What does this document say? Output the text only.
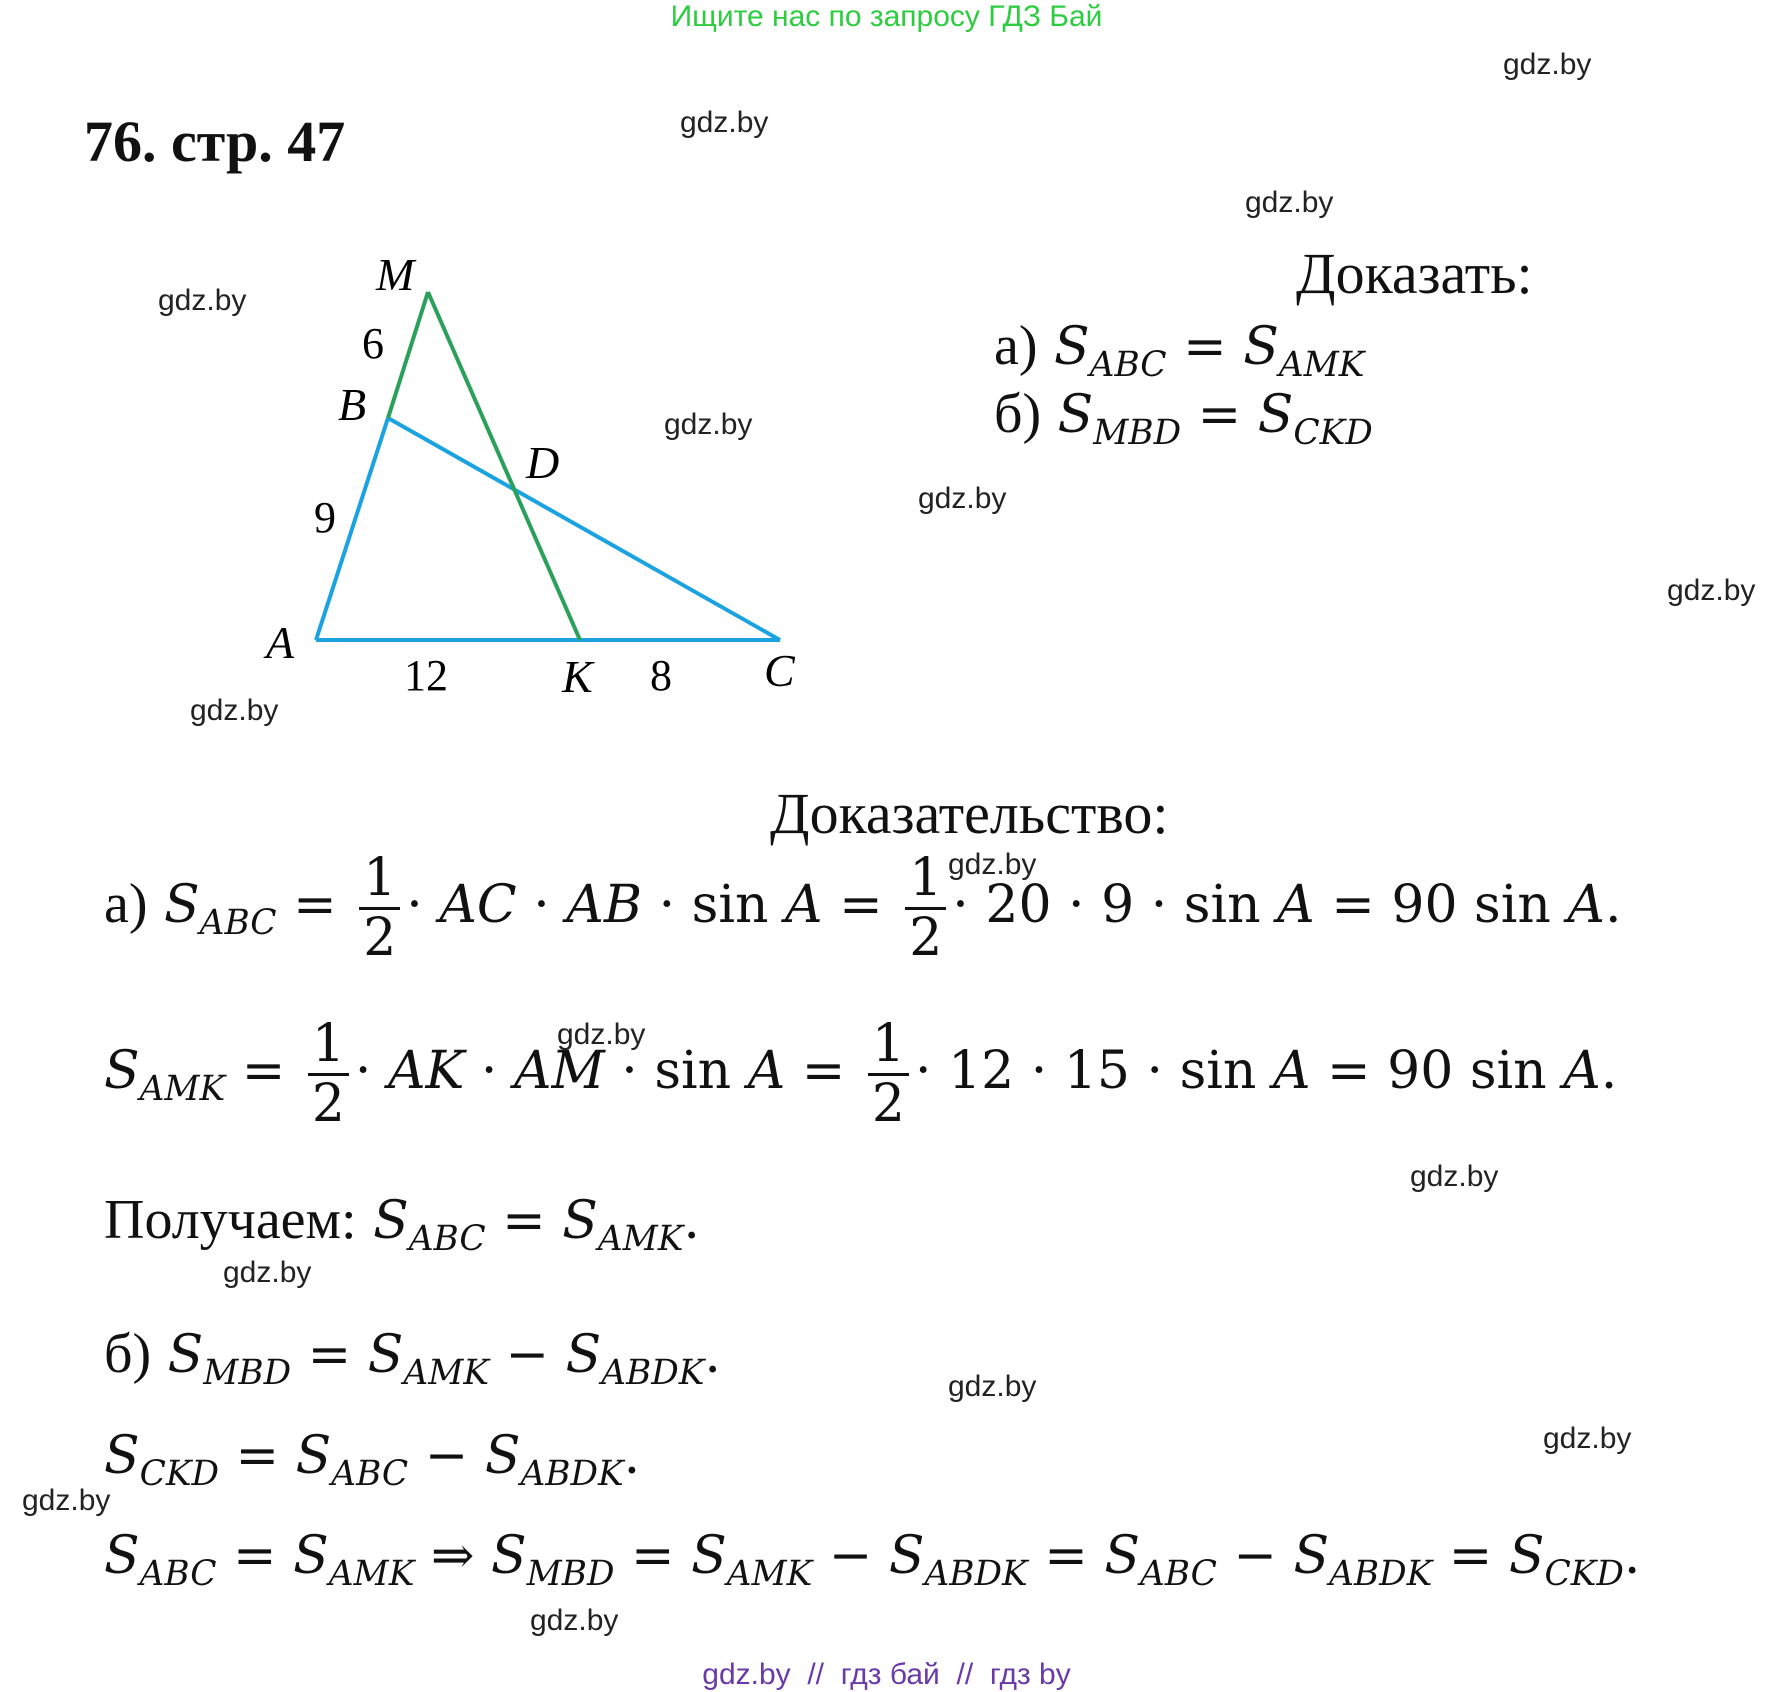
Ищите нас по запросу ГДЗ Бай
gdz.by // гдз бай // гдз by
gdz.by
gdz.by
gdz.by
gdz.by
gdz.by
gdz.by
gdz.by
gdz.by
gdz.by
gdz.by
gdz.by
gdz.by
gdz.by
gdz.by
gdz.by
gdz.by
76. стр. 47
M
B
D
A
K	C
6
9
12	8
Доказать:
а) $S_{ABC} = S_{AMK}$
б) $S_{MBD} = S_{CKD}$
Доказательство:
а) $S_{ABC} = \frac{1}{2}$ · AC · AB · $\sin A = \frac{1}{2} \cdot 20 \cdot 9 \cdot \sin A = 90$ sin A.
$S_{AMK} = \frac{1}{2}$ · AK · AM · $\sin A = \frac{1}{2} \cdot 12 \cdot 15 \cdot \sin A = 90$ sin A.
Получаем: $S_{ABC} = S_{AMK}$.
б) $S_{MBD} = S_{AMK} - S_{ABDK}$.
$S_{CKD} = S_{ABC} - S_{ABDK}$.
$S_{ABC} = S_{AMK}$ ⇒ $S_{MBD} = S_{AMK} - S_{ABDK} = S_{ABC} - S_{ABDK} = S_{CKD}$.
